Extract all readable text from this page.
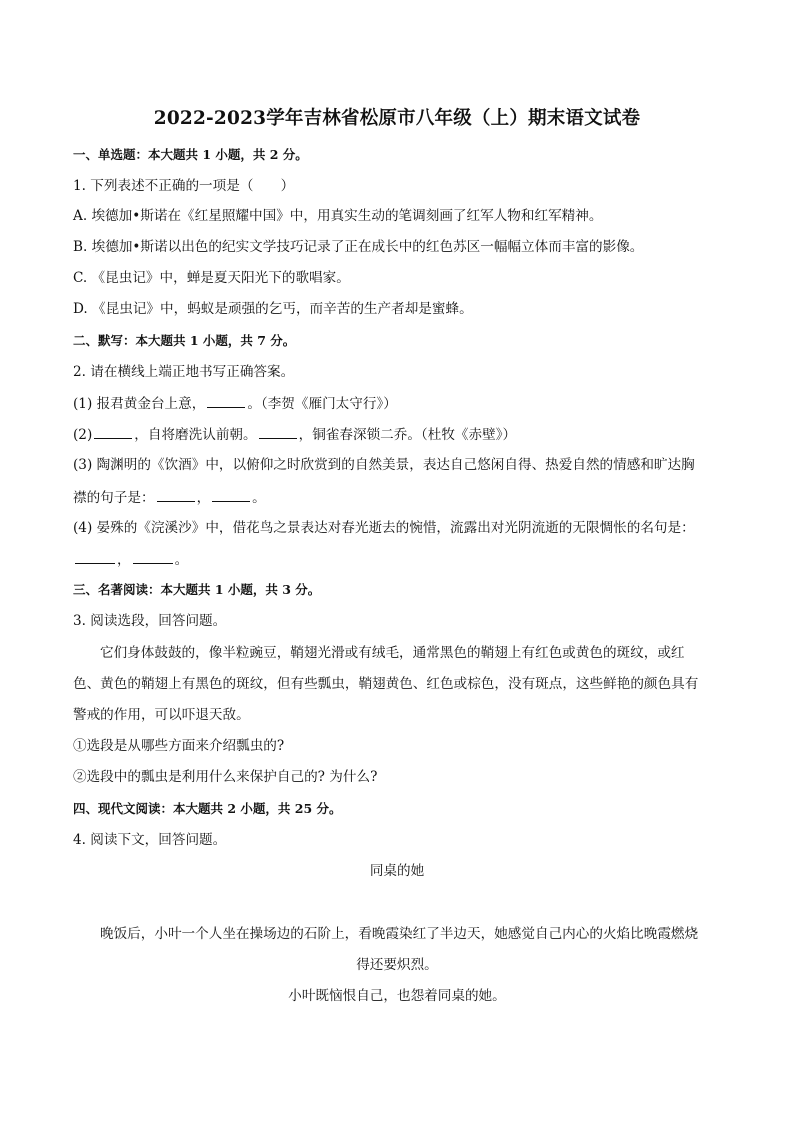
2022-2023学年吉林省松原市八年级（上）期末语文试卷
一、单选题：本大题共 1 小题，共 2 分。
1. 下列表述不正确的一项是（　　）
A. 埃德加•斯诺在《红星照耀中国》中，用真实生动的笔调刻画了红军人物和红军精神。
B. 埃德加•斯诺以出色的纪实文学技巧记录了正在成长中的红色苏区一幅幅立体而丰富的影像。
C. 《昆虫记》中，蝉是夏天阳光下的歌唱家。
D. 《昆虫记》中，蚂蚁是顽强的乞丐，而辛苦的生产者却是蜜蜂。
二、默写：本大题共 1 小题，共 7 分。
2. 请在横线上端正地书写正确答案。
(1) 报君黄金台上意，	。（李贺《雁门太守行》）
(2)	，自将磨洗认前朝。	，铜雀春深锁二乔。（杜牧《赤壁》）
(3) 陶渊明的《饮酒》中，以俯仰之时欣赏到的自然美景，表达自己悠闲自得、热爱自然的情感和旷达胸
襟的句子是：	，	。
(4) 晏殊的《浣溪沙》中，借花鸟之景表达对春光逝去的惋惜，流露出对光阴流逝的无限惆怅的名句是：
，	。
三、名著阅读：本大题共 1 小题，共 3 分。
3. 阅读选段，回答问题。
它们身体鼓鼓的，像半粒豌豆，鞘翅光滑或有绒毛，通常黑色的鞘翅上有红色或黄色的斑纹，或红
色、黄色的鞘翅上有黑色的斑纹，但有些瓢虫，鞘翅黄色、红色或棕色，没有斑点，这些鲜艳的颜色具有
警戒的作用，可以吓退天敌。
①选段是从哪些方面来介绍瓢虫的?
②选段中的瓢虫是利用什么来保护自己的? 为什么?
四、现代文阅读：本大题共 2 小题，共 25 分。
4. 阅读下文，回答问题。
同桌的她
晚饭后，小叶一个人坐在操场边的石阶上，看晚霞染红了半边天，她感觉自己内心的火焰比晚霞燃烧
得还要炽烈。
小叶既恼恨自己，也怨着同桌的她。
